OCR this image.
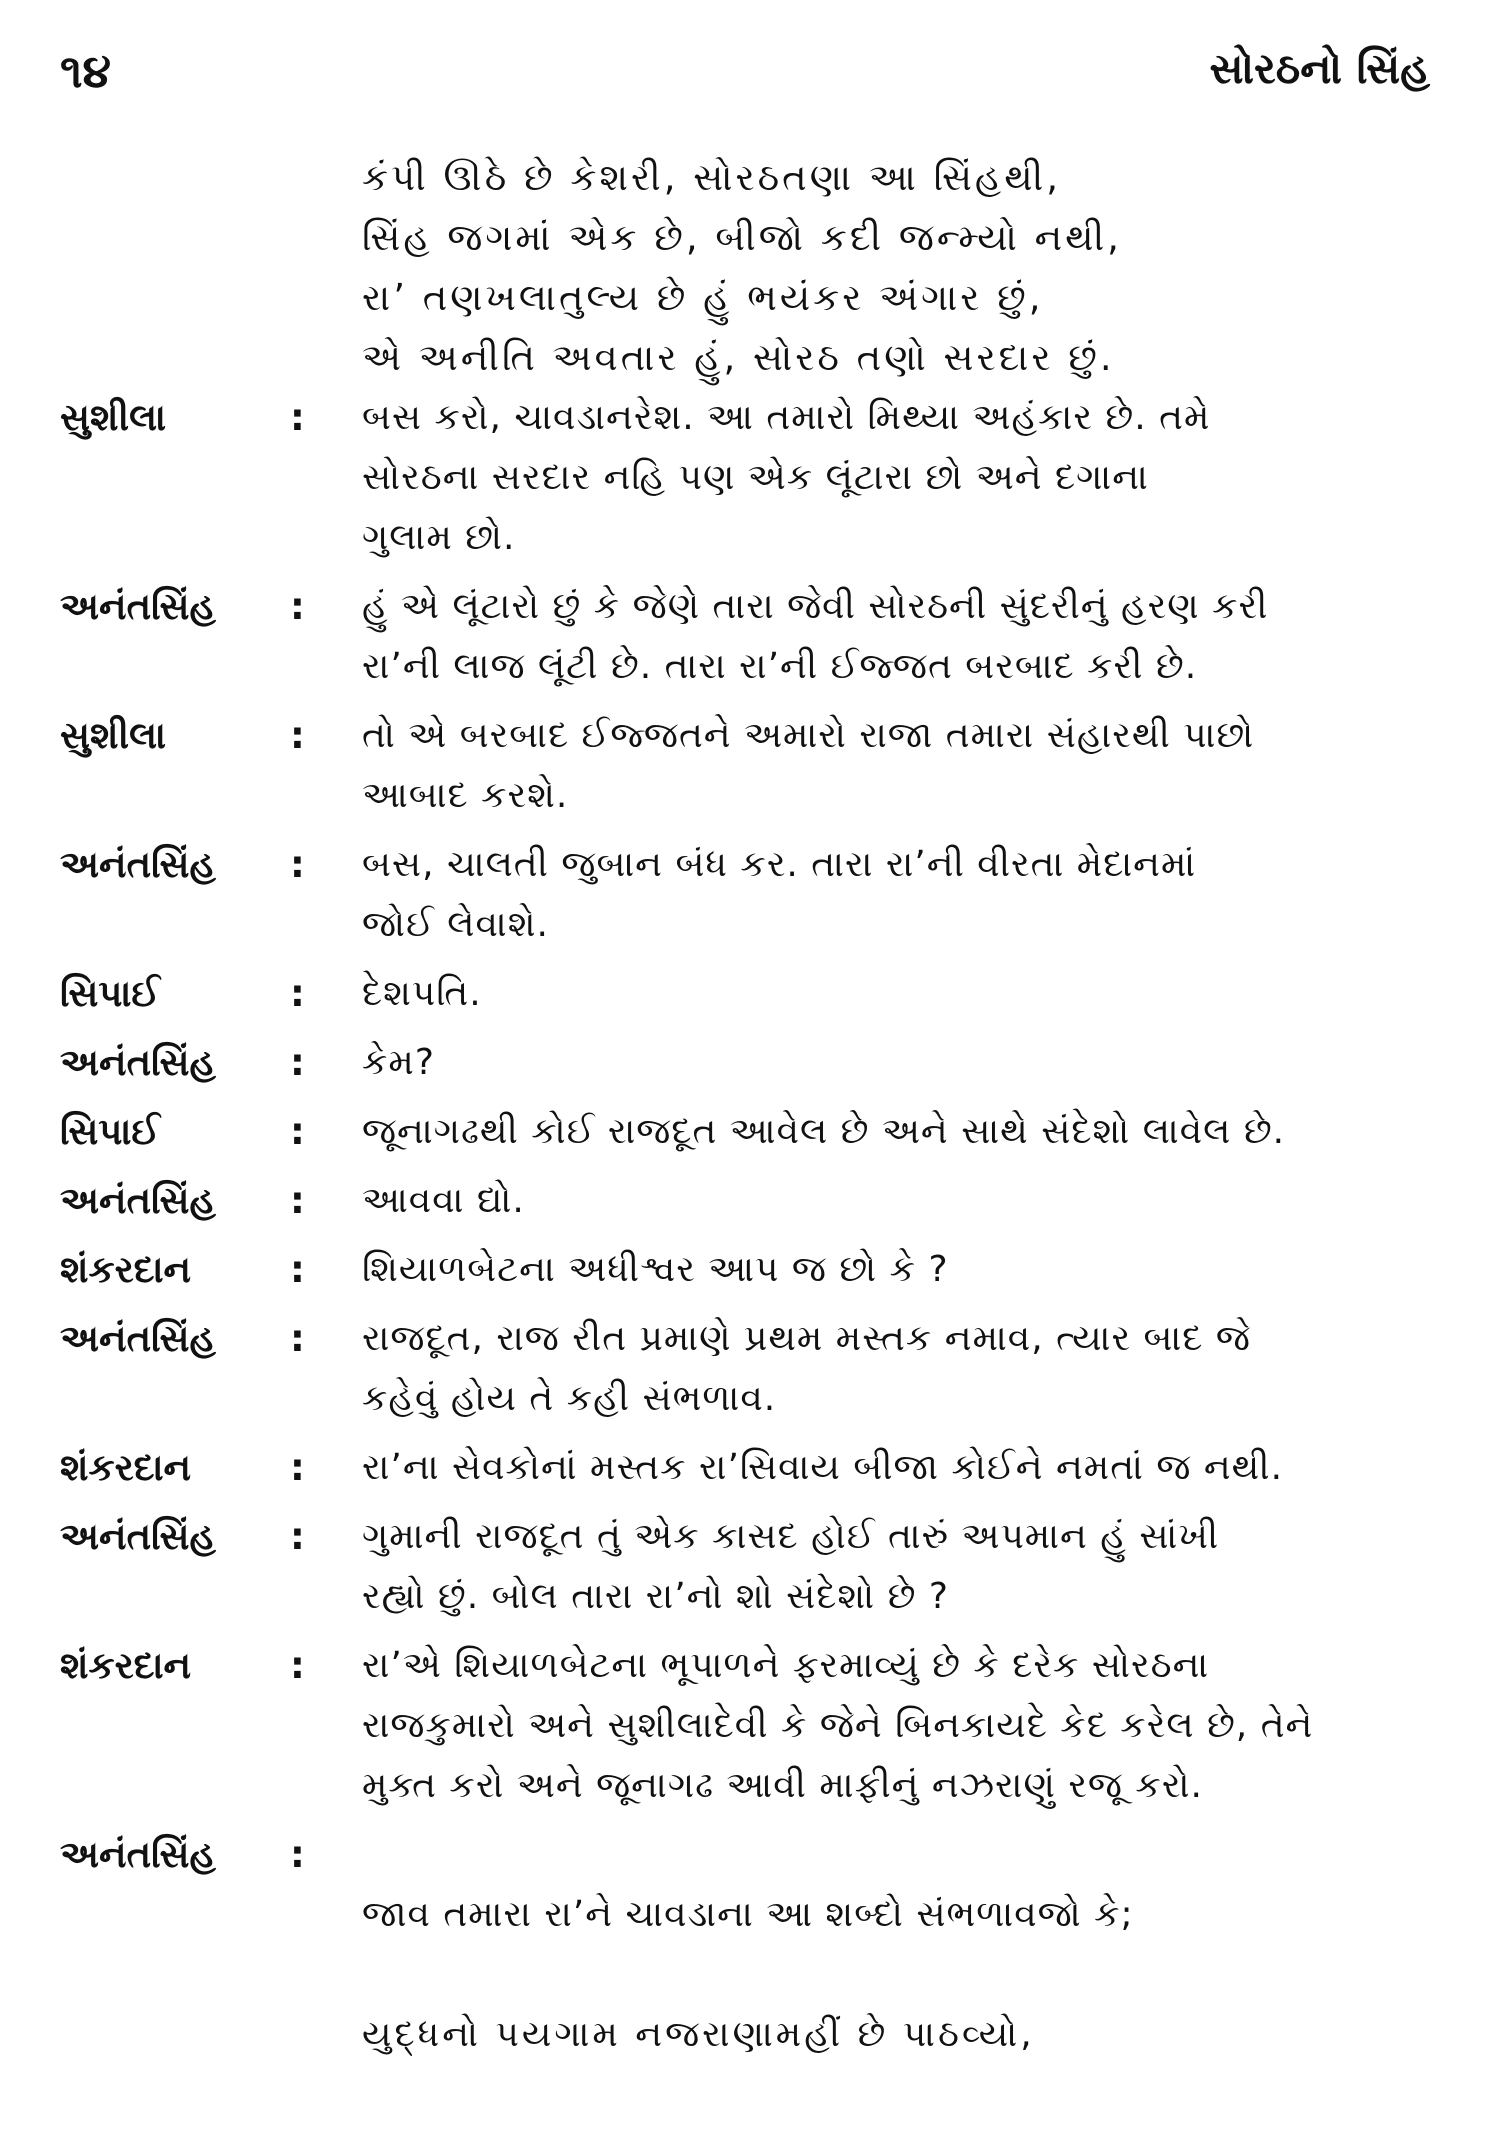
૧૪	સોરઠનો સિંહ
કંપી ઊઠે છે કેશરી, સોરઠતણા આ સિંહથી,
સિંહ જગમાં એક છે, બીજો કદી જન્મ્યો નથી,
રા’ તણખલાતુલ્ય છે હું ભયંકર અંગાર છું,
એ અનીતિ અવતાર હું, સોરઠ તણો સરદાર છું.
સુશીલા	:	બસ કરો, ચાવડાનરેશ. આ તમારો મિથ્યા અહંકાર છે. તમે
સોરઠના સરદાર નહિ પણ એક લૂંટારા છો અને દગાના
ગુલામ છો.
અનંતસિંહ	:	હું એ લૂંટારો છું કે જેણે તારા જેવી સોરઠની સુંદરીનું હરણ કરી
રા’ની લાજ લૂંટી છે. તારા રા’ની ઈજ્જત બરબાદ કરી છે.
સુશીલા	:	તો એ બરબાદ ઈજ્જતને અમારો રાજા તમારા સંહારથી પાછો
આબાદ કરશે.
અનંતસિંહ	:	બસ, ચાલતી જુબાન બંધ કર. તારા રા’ની વીરતા મેદાનમાં
જોઈ લેવાશે.
સિપાઈ	:	દેશપતિ.
અનંતસિંહ	:	કેમ?
સિપાઈ	:	જૂનાગઢથી કોઈ રાજદૂત આવેલ છે અને સાથે સંદેશો લાવેલ છે.
અનંતસિંહ	:	આવવા દ્યો.
શંકરદાન	:	શિયાળબેટના અધીશ્વર આપ જ છો કે ?
અનંતસિંહ	:	રાજદૂત, રાજ રીત પ્રમાણે પ્રથમ મસ્તક નમાવ, ત્યાર બાદ જે
કહેવું હોય તે કહી સંભળાવ.
શંકરદાન	:	રા’ના સેવકોનાં મસ્તક રા’સિવાય બીજા કોઈને નમતાં જ નથી.
અનંતસિંહ	:	ગુમાની રાજદૂત તું એક કાસદ હોઈ તારું અપમાન હું સાંખી
રહ્યો છું. બોલ તારા રા’નો શો સંદેશો છે ?
શંકરદાન	:	રા’એ શિયાળબેટના ભૂપાળને ફરમાવ્યું છે કે દરેક સોરઠના
રાજકુમારો અને સુશીલાદેવી કે જેને બિનકાયદે કેદ કરેલ છે, તેને
મુક્ત કરો અને જૂનાગઢ આવી માફીનું નઝરાણું રજૂ કરો.
અનંતસિંહ	:

જાવ તમારા રા’ને ચાવડાના આ શબ્દો સંભળાવજો કે;

યુદ્ધનો પયગામ નજરાણામહીં છે પાઠવ્યો,
